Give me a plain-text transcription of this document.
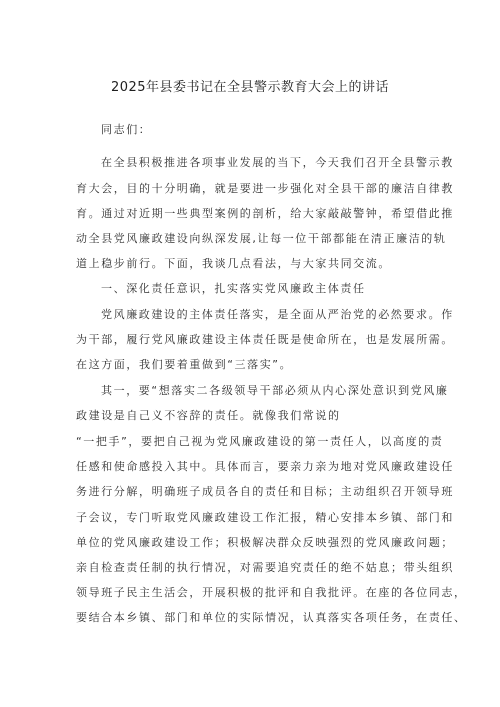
2025年县委书记在全县警示教育大会上的讲话
同志们：
在全县积极推进各项事业发展的当下，今天我们召开全县警示教
育大会，目的十分明确，就是要进一步强化对全县干部的廉洁自律教
育。通过对近期一些典型案例的剖析，给大家敲敲警钟，希望借此推
动全县党风廉政建设向纵深发展,让每一位干部都能在清正廉洁的轨
道上稳步前行。下面，我谈几点看法，与大家共同交流。
一、深化责任意识，扎实落实党风廉政主体责任
党风廉政建设的主体责任落实，是全面从严治党的必然要求。作
为干部，履行党风廉政建设主体责任既是使命所在，也是发展所需。
在这方面，我们要着重做到“三落实”。
其一，要“想落实二各级领导干部必须从内心深处意识到党风廉
政建设是自己义不容辞的责任。就像我们常说的
“一把手”，要把自己视为党风廉政建设的第一责任人，以高度的责
任感和使命感投入其中。具体而言，要亲力亲为地对党风廉政建设任
务进行分解，明确班子成员各自的责任和目标；主动组织召开领导班
子会议，专门听取党风廉政建设工作汇报，精心安排本乡镇、部门和
单位的党风廉政建设工作；积极解决群众反映强烈的党风廉政问题；
亲自检查责任制的执行情况，对需要追究责任的绝不姑息；带头组织
领导班子民主生活会，开展积极的批评和自我批评。在座的各位同志，
要结合本乡镇、部门和单位的实际情况，认真落实各项任务，在责任、
